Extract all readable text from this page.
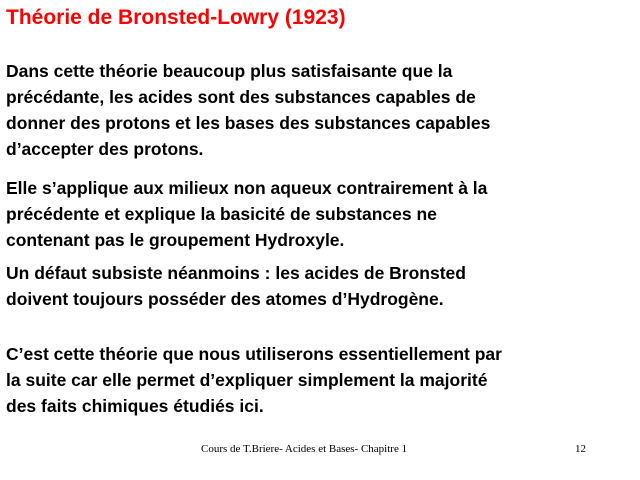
Théorie de Bronsted-Lowry (1923)

Dans cette théorie beaucoup plus satisfaisante que la
précédante, les acides sont des substances capables de
donner des protons et les bases des substances capables
d’accepter des protons.

Elle s’applique aux milieux non aqueux contrairement à la
précédente et explique la basicité de substances ne
contenant pas le groupement Hydroxyle.

Un défaut subsiste néanmoins : les acides de Bronsted
doivent toujours posséder des atomes d’Hydrogène.

C’est cette théorie que nous utiliserons essentiellement par
la suite car elle permet d’expliquer simplement la majorité
des faits chimiques étudiés ici.

Cours de T.Briere- Acides et Bases- Chapitre 1	12
